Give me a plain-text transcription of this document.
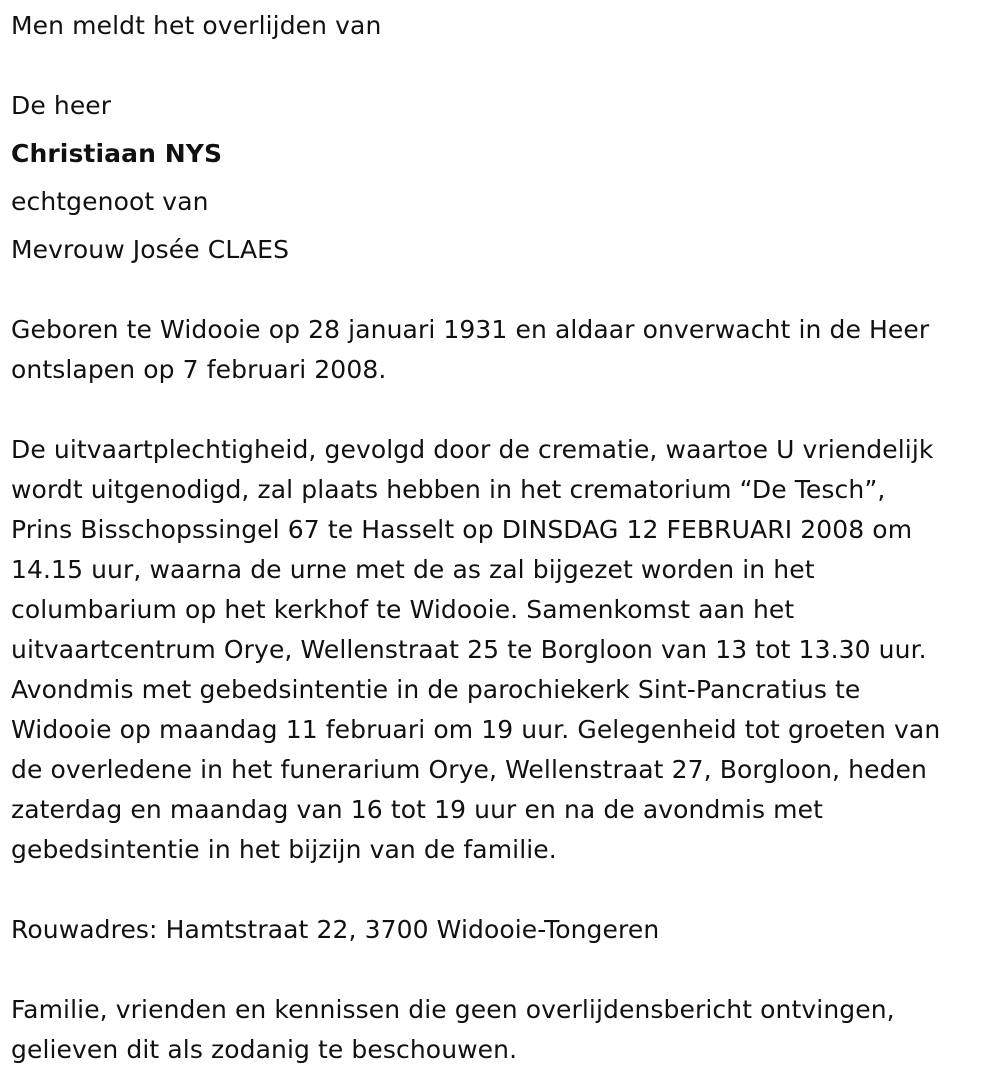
Men meldt het overlijden van
De heer
Christiaan NYS
echtgenoot van
Mevrouw Josée CLAES
Geboren te Widooie op 28 januari 1931 en aldaar onverwacht in de Heer
ontslapen op 7 februari 2008.
De uitvaartplechtigheid, gevolgd door de crematie, waartoe U vriendelijk
wordt uitgenodigd, zal plaats hebben in het crematorium “De Tesch”,
Prins Bisschopssingel 67 te Hasselt op DINSDAG 12 FEBRUARI 2008 om
14.15 uur, waarna de urne met de as zal bijgezet worden in het
columbarium op het kerkhof te Widooie. Samenkomst aan het
uitvaartcentrum Orye, Wellenstraat 25 te Borgloon van 13 tot 13.30 uur.
Avondmis met gebedsintentie in de parochiekerk Sint-Pancratius te
Widooie op maandag 11 februari om 19 uur. Gelegenheid tot groeten van
de overledene in het funerarium Orye, Wellenstraat 27, Borgloon, heden
zaterdag en maandag van 16 tot 19 uur en na de avondmis met
gebedsintentie in het bijzijn van de familie.
Rouwadres: Hamtstraat 22, 3700 Widooie-Tongeren
Familie, vrienden en kennissen die geen overlijdensbericht ontvingen,
gelieven dit als zodanig te beschouwen.
